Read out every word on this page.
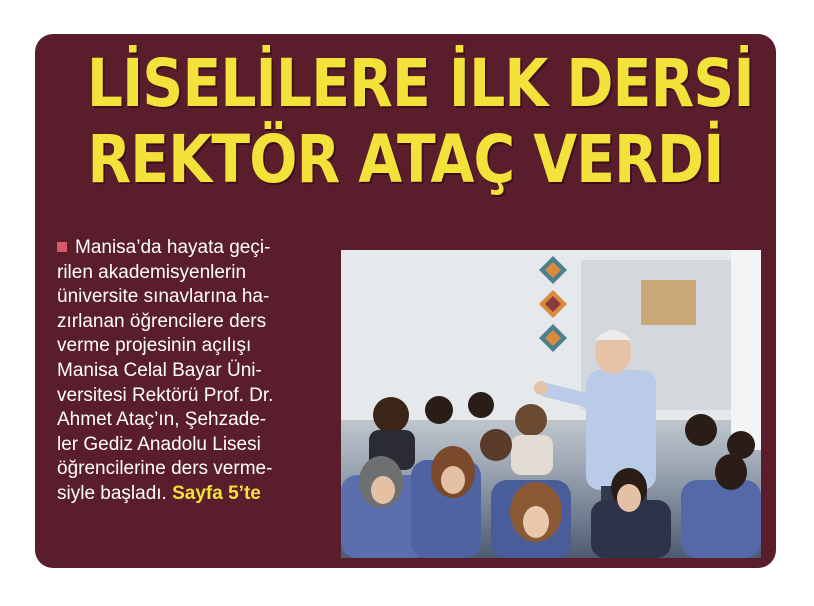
LİSELİLERE İLK DERSİ
REKTÖR ATAÇ VERDİ
Manisa’da hayata geçi-
rilen akademisyenlerin
üniversite sınavlarına ha-
zırlanan öğrencilere ders
verme projesinin açılışı
Manisa Celal Bayar Üni-
versitesi Rektörü Prof. Dr.
Ahmet Ataç’ın, Şehzade-
ler Gediz Anadolu Lisesi
öğrencilerine ders verme-
siyle başladı. Sayfa 5’te
